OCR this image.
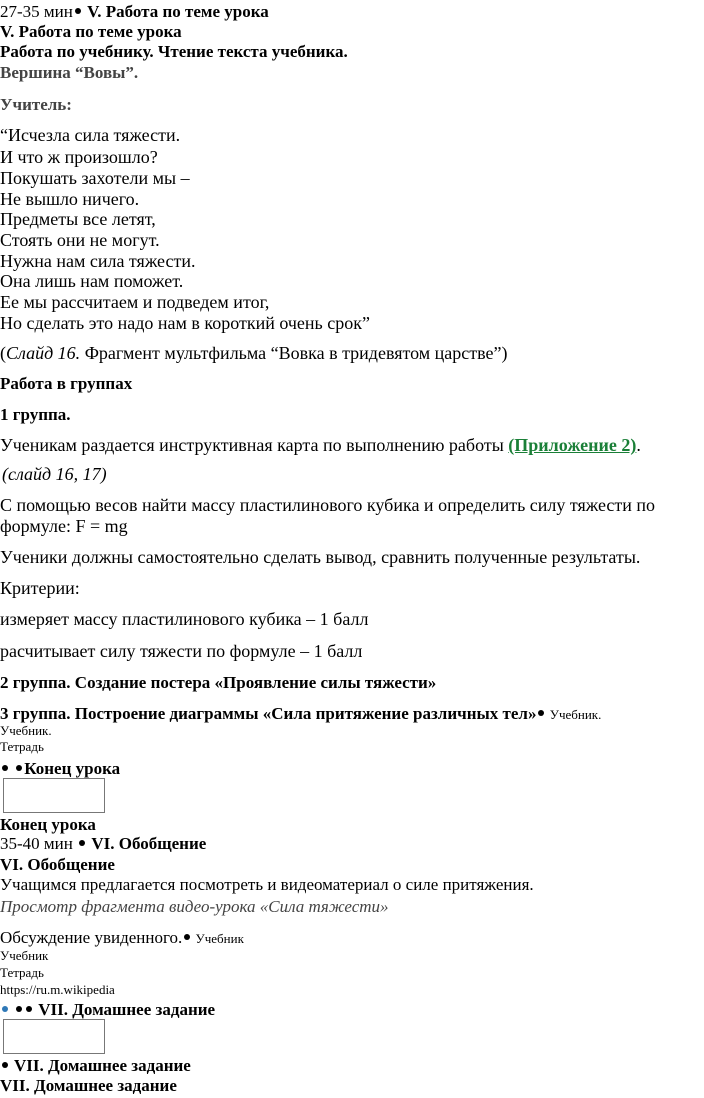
27-35 мин V. Работа по теме урока
V. Работа по теме урока
Работа по учебнику. Чтение текста учебника.
Вершина “Вовы”.
Учитель:
“Исчезла сила тяжести.
И что ж произошло?
Покушать захотели мы –
Не вышло ничего.
Предметы все летят,
Стоять они не могут.
Нужна нам сила тяжести.
Она лишь нам поможет.
Ее мы рассчитаем и подведем итог,
Но сделать это надо нам в короткий очень срок”
(Слайд 16. Фрагмент мультфильма “Вовка в тридевятом царстве”)
Работа в группах
1 группа.
Ученикам раздается инструктивная карта по выполнению работы (Приложение 2).
(слайд 16, 17)
С помощью весов найти массу пластилинового кубика и определить силу тяжести по
формуле: F = mg
Ученики должны самостоятельно сделать вывод, сравнить полученные результаты.
Критерии:
измеряет массу пластилинового кубика – 1 балл
расчитывает силу тяжести по формуле – 1 балл
2 группа. Создание постера «Проявление силы тяжести»
3 группа. Построение диаграммы «Сила притяжение различных тел» Учебник.
Учебник.
Тетрадь
Конец урока
Конец урока
35-40 мин VI. Обобщение
VI. Обобщение
Учащимся предлагается посмотреть и видеоматериал о силе притяжения.
Просмотр фрагмента видео-урока «Сила тяжести»
Обсуждение увиденного. Учебник
Учебник
Тетрадь
https://ru.m.wikipedia
VII. Домашнее задание
VII. Домашнее задание
VII. Домашнее задание
